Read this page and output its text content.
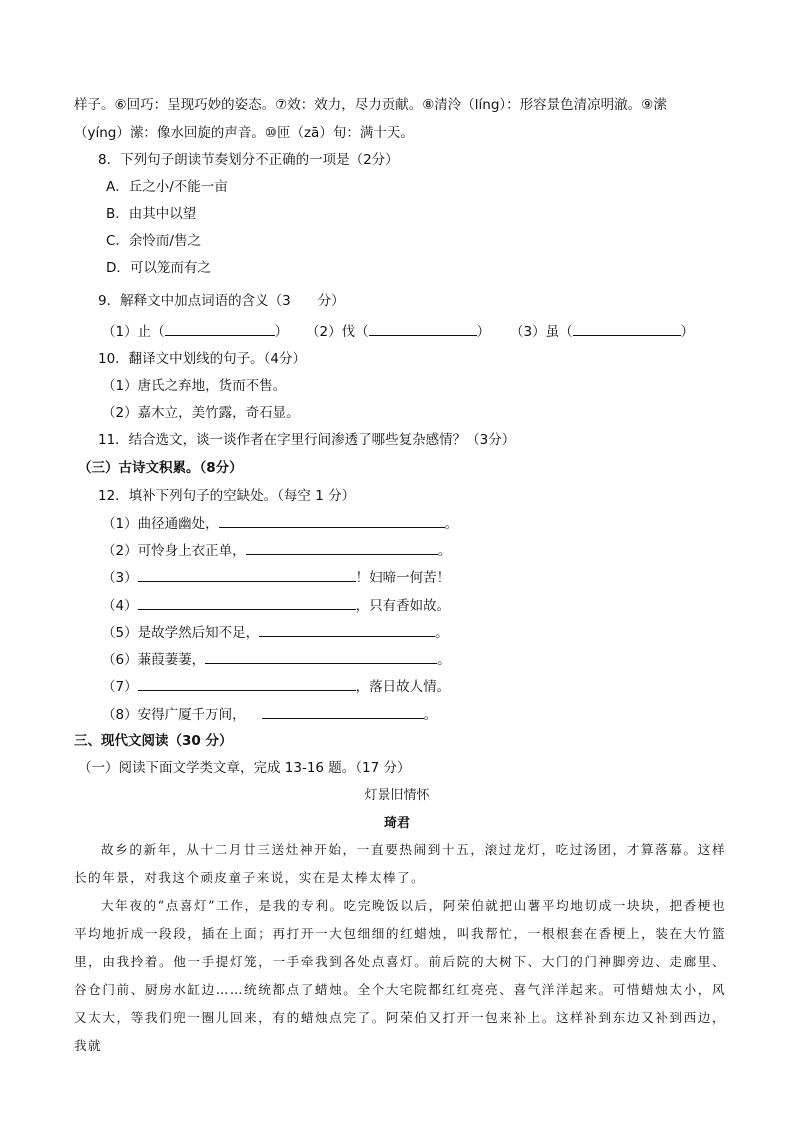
样子。⑥回巧：呈现巧妙的姿态。⑦效：效力，尽力贡献。⑧清泠（líng）：形容景色清凉明澈。⑨潆
（yíng）潆：像水回旋的声音。⑩匝（zā）旬：满十天。
8．下列句子朗读节奏划分不正确的一项是（2分）
A．丘之小/不能一亩
B．由其中以望
C．余怜而/售之
D．可以笼而有之
9．解释文中加点词语的含义（3　　分）
（1）止（	） （2）伐（	） （3）虽（	）
10．翻译文中划线的句子。（4分）
（1）唐氏之弃地，货而不售。
（2）嘉木立，美竹露，奇石显。
11．结合选文，谈一谈作者在字里行间渗透了哪些复杂感情？（3分）
（三）古诗文积累。（8分）
12．填补下列句子的空缺处。（每空 1 分）
（1）曲径通幽处，	。
（2）可怜身上衣正单，	。
（3）	！妇啼一何苦！
（4）	，只有香如故。
（5）是故学然后知不足，	。
（6）蒹葭萋萋，	。
（7）	，落日故人情。
（8）安得广厦千万间，	。
三、现代文阅读（30 分）
（一）阅读下面文学类文章，完成 13-16 题。（17 分）
灯景旧情怀
琦君
故乡的新年，从十二月廿三送灶神开始，一直要热闹到十五，滚过龙灯，吃过汤团，才算落幕。这样长的年景，对我这个顽皮童子来说，实在是太棒太棒了。
大年夜的“点喜灯”工作，是我的专利。吃完晚饭以后，阿荣伯就把山薯平均地切成一块块，把香梗也平均地折成一段段，插在上面；再打开一大包细细的红蜡烛，叫我帮忙，一根根套在香梗上，装在大竹篮里，由我拎着。他一手提灯笼，一手牵我到各处点喜灯。前后院的大树下、大门的门神脚旁边、走廊里、谷仓门前、厨房水缸边……统统都点了蜡烛。全个大宅院都红红亮亮、喜气洋洋起来。可惜蜡烛太小，风又太大，等我们兜一圈儿回来，有的蜡烛点完了。阿荣伯又打开一包来补上。这样补到东边又补到西边，我就
